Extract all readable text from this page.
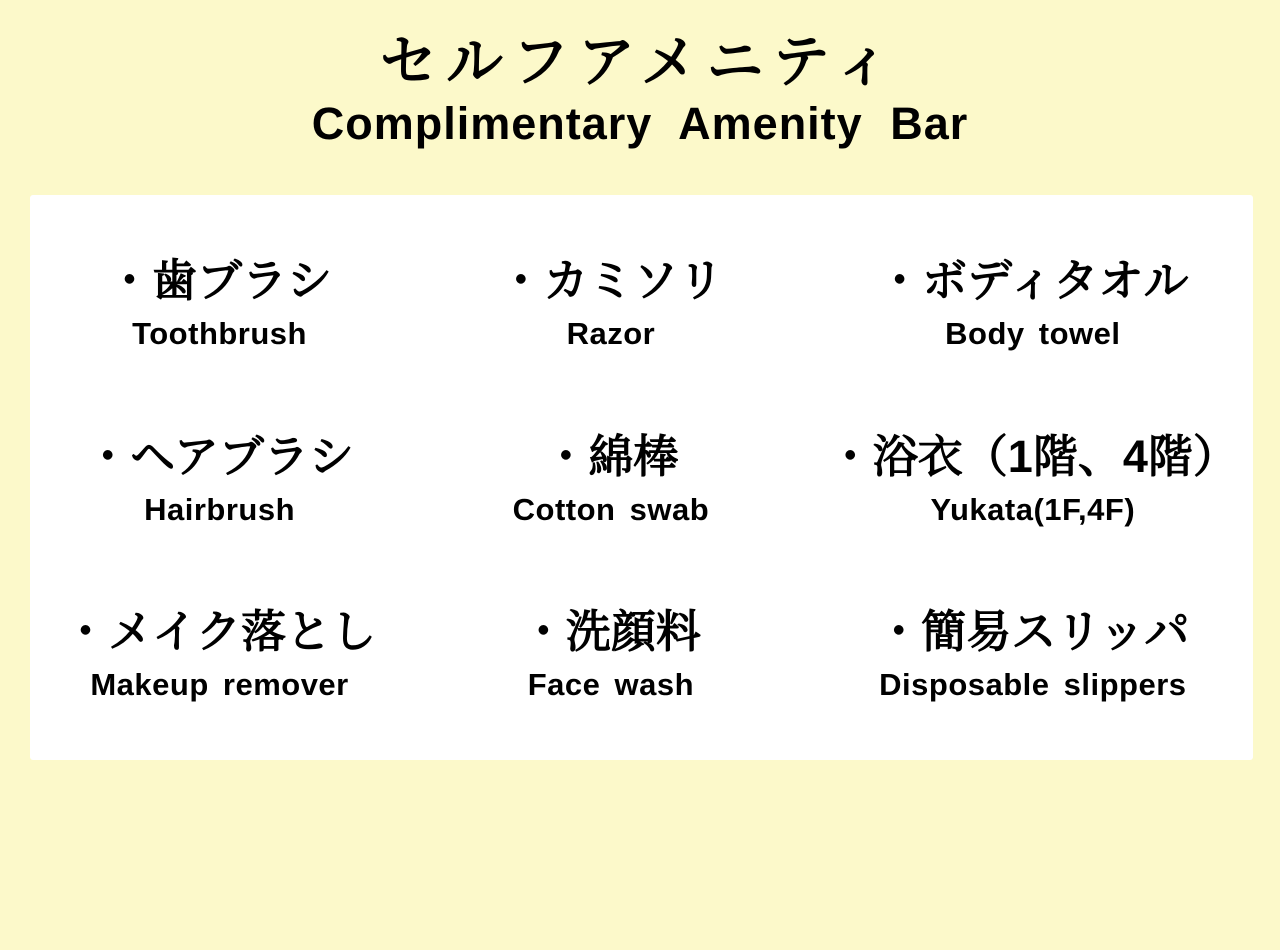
セルフアメニティ
Complimentary Amenity Bar
・歯ブラシ
Toothbrush
・カミソリ
Razor
・ボディタオル
Body towel
・ヘアブラシ
Hairbrush
・綿棒
Cotton swab
・浴衣（1階、4階）
Yukata(1F,4F)
・メイク落とし
Makeup remover
・洗顔料
Face wash
・簡易スリッパ
Disposable slippers
